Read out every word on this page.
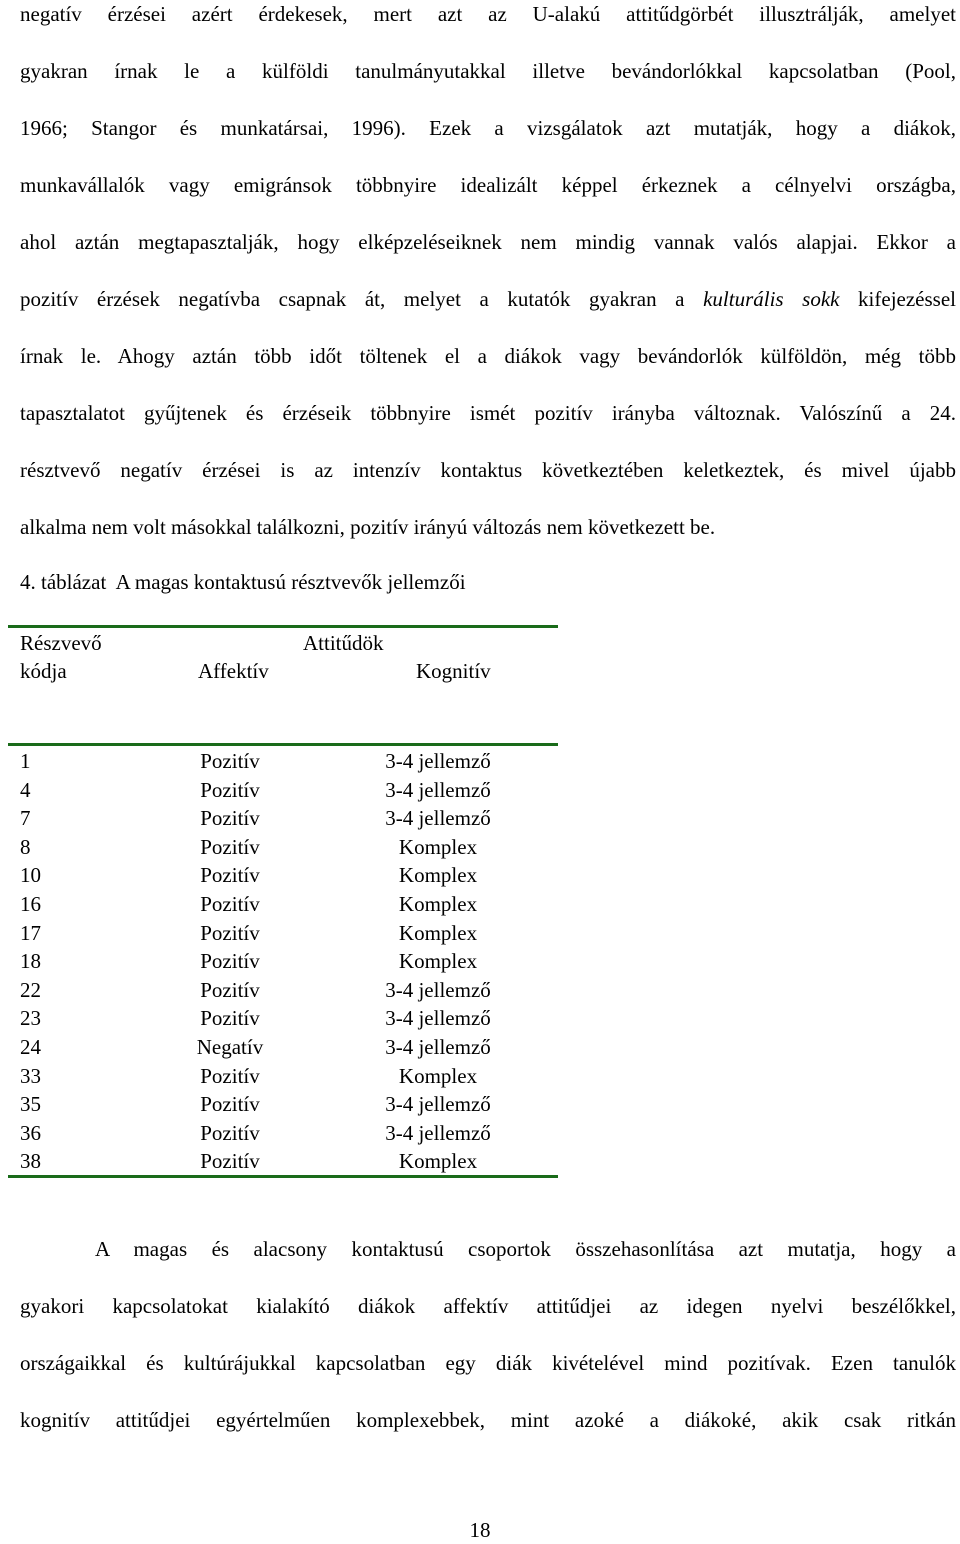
negatív érzései azért érdekesek, mert azt az U-alakú attitűdgörbét illusztrálják, amelyet
gyakran írnak le a külföldi tanulmányutakkal illetve bevándorlókkal kapcsolatban (Pool,
1966; Stangor és munkatársai, 1996). Ezek a vizsgálatok azt mutatják, hogy a diákok,
munkavállalók vagy emigránsok többnyire idealizált képpel érkeznek a célnyelvi országba,
ahol aztán megtapasztalják, hogy elképzeléseiknek nem mindig vannak valós alapjai. Ekkor a
pozitív érzések negatívba csapnak át, melyet a kutatók gyakran a kulturális sokk kifejezéssel
írnak le. Ahogy aztán több időt töltenek el a diákok vagy bevándorlók külföldön, még több
tapasztalatot gyűjtenek és érzéseik többnyire ismét pozitív irányba változnak. Valószínű a 24.
résztvevő negatív érzései is az intenzív kontaktus következtében keletkeztek, és mivel újabb
alkalma nem volt másokkal találkozni, pozitív irányú változás nem következett be.
4. táblázat  A magas kontaktusú résztvevők jellemzői
Részvevő	Attitűdök
kódja	Affektív	Kognitív
1	Pozitív	3-4 jellemző
4	Pozitív	3-4 jellemző
7	Pozitív	3-4 jellemző
8	Pozitív	Komplex
10	Pozitív	Komplex
16	Pozitív	Komplex
17	Pozitív	Komplex
18	Pozitív	Komplex
22	Pozitív	3-4 jellemző
23	Pozitív	3-4 jellemző
24	Negatív	3-4 jellemző
33	Pozitív	Komplex
35	Pozitív	3-4 jellemző
36	Pozitív	3-4 jellemző
38	Pozitív	Komplex
A magas és alacsony kontaktusú csoportok összehasonlítása azt mutatja, hogy a
gyakori kapcsolatokat kialakító diákok affektív attitűdjei az idegen nyelvi beszélőkkel,
országaikkal és kultúrájukkal kapcsolatban egy diák kivételével mind pozitívak. Ezen tanulók
kognitív attitűdjei egyértelműen komplexebbek, mint azoké a diákoké, akik csak ritkán
18
